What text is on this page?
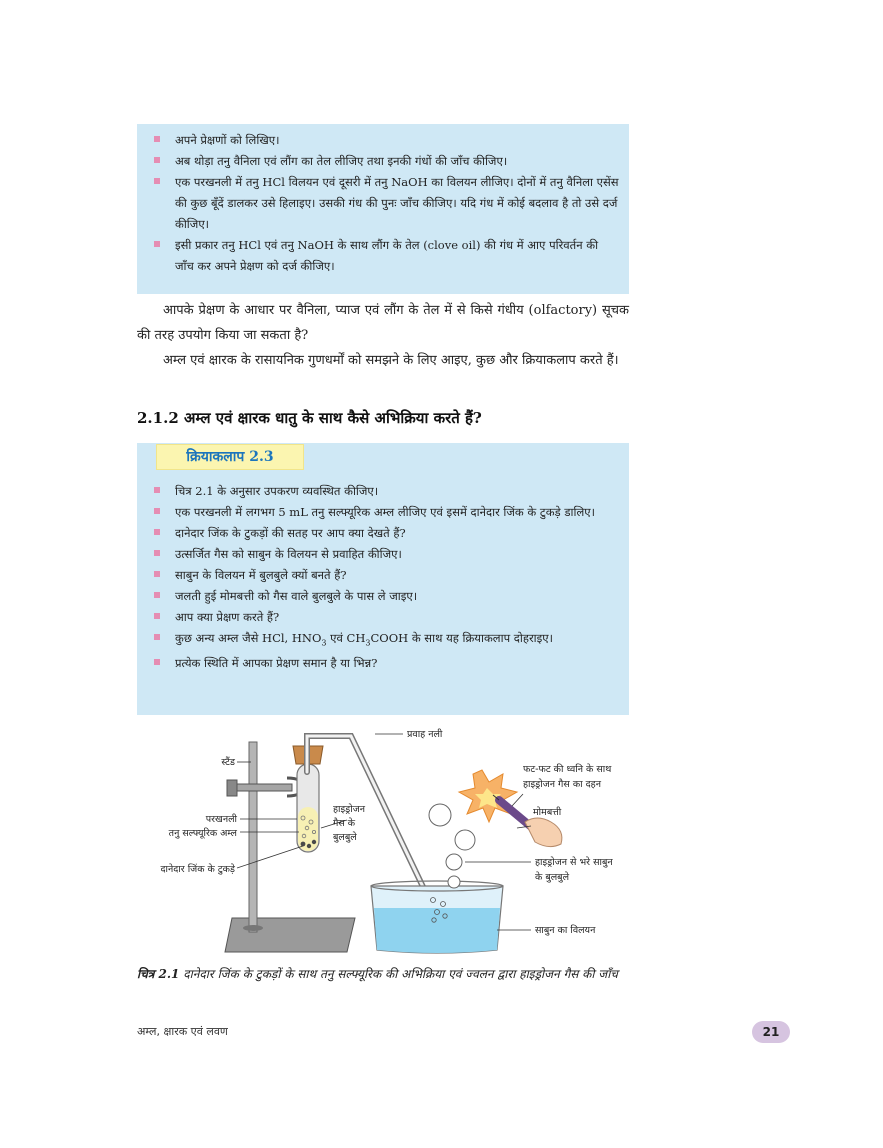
अपने प्रेक्षणों को लिखिए।
अब थोड़ा तनु वैनिला एवं लौंग का तेल लीजिए तथा इनकी गंधों की जाँच कीजिए।
एक परखनली में तनु HCl विलयन एवं दूसरी में तनु NaOH का विलयन लीजिए। दोनों में तनु वैनिला एसेंस की कुछ बूँदें डालकर उसे हिलाइए। उसकी गंध की पुनः जाँच कीजिए। यदि गंध में कोई बदलाव है तो उसे दर्ज कीजिए।
इसी प्रकार तनु HCl एवं तनु NaOH के साथ लौंग के तेल (clove oil) की गंध में आए परिवर्तन की जाँच कर अपने प्रेक्षण को दर्ज कीजिए।
आपके प्रेक्षण के आधार पर वैनिला, प्याज एवं लौंग के तेल में से किसे गंधीय (olfactory) सूचक की तरह उपयोग किया जा सकता है?
अम्ल एवं क्षारक के रासायनिक गुणधर्मों को समझने के लिए आइए, कुछ और क्रियाकलाप करते हैं।
2.1.2 अम्ल एवं क्षारक धातु के साथ कैसे अभिक्रिया करते हैं?
चित्र 2.1 के अनुसार उपकरण व्यवस्थित कीजिए।
एक परखनली में लगभग 5 mL तनु सल्फ्यूरिक अम्ल लीजिए एवं इसमें दानेदार जिंक के टुकड़े डालिए।
दानेदार जिंक के टुकड़ों की सतह पर आप क्या देखते हैं?
उत्सर्जित गैस को साबुन के विलयन से प्रवाहित कीजिए।
साबुन के विलयन में बुलबुले क्यों बनते हैं?
जलती हुई मोमबत्ती को गैस वाले बुलबुले के पास ले जाइए।
आप क्या प्रेक्षण करते हैं?
कुछ अन्य अम्ल जैसे HCl, $HNO_3$ एवं $CH_3COOH$ के साथ यह क्रियाकलाप दोहराइए।
प्रत्येक स्थिति में आपका प्रेक्षण समान है या भिन्न?
क्रियाकलाप 2.3
स्टैंड
परखनली
तनु सल्फ्यूरिक अम्ल
दानेदार जिंक के टुकड़े
हाइड्रोजन
गैस के
बुलबुले
प्रवाह नली
फट-फट की ध्वनि के साथ
हाइड्रोजन गैस का दहन
मोमबत्ती
हाइड्रोजन से भरे साबुन
के बुलबुले
साबुन का विलयन
चित्र 2.1 दानेदार जिंक के टुकड़ों के साथ तनु सल्फ्यूरिक की अभिक्रिया एवं ज्वलन द्वारा हाइड्रोजन गैस की जाँच
अम्ल, क्षारक एवं लवण	21
